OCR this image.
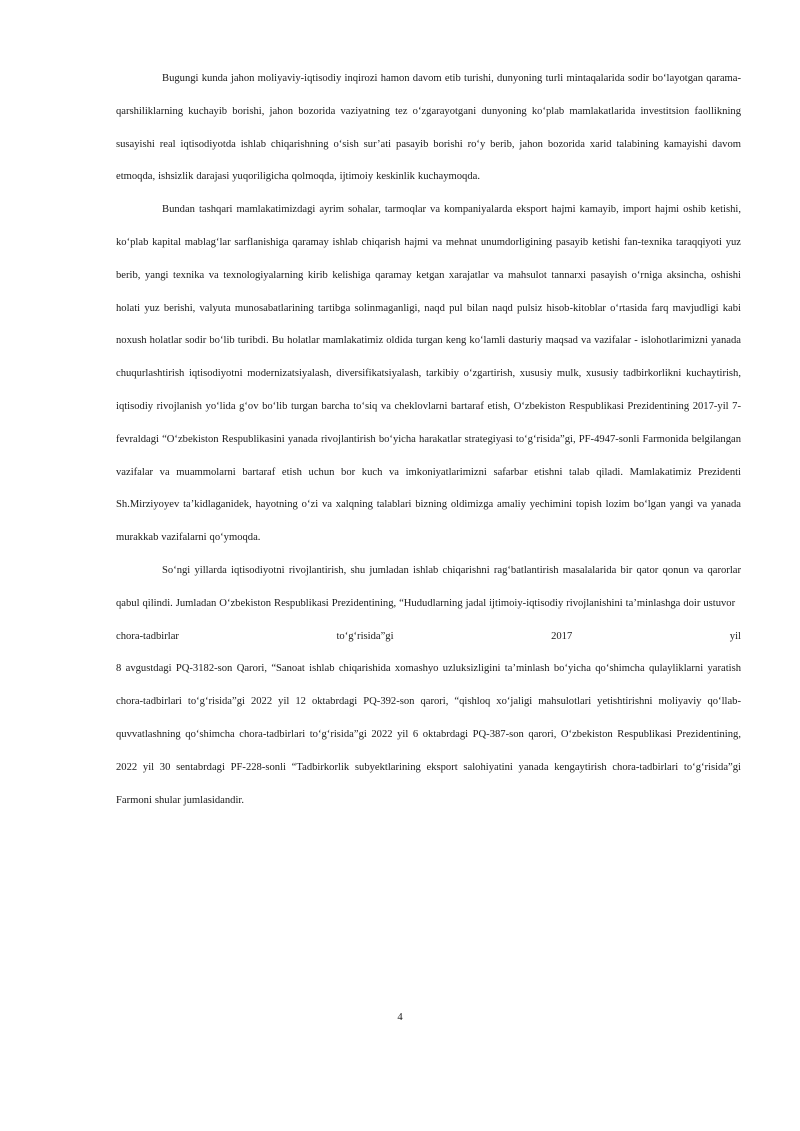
Bugungi kunda jahon moliyaviy-iqtisodiy inqirozi hamon davom etib turishi, dunyoning turli mintaqalarida sodir bo‘layotgan qarama-qarshiliklarning kuchayib borishi, jahon bozorida vaziyatning tez o‘zgarayotgani dunyoning ko‘plab mamlakatlarida investitsion faollikning susayishi real iqtisodiyotda ishlab chiqarishning o‘sish sur’ati pasayib borishi ro‘y berib, jahon bozorida xarid talabining kamayishi davom etmoqda, ishsizlik darajasi yuqoriligicha qolmoqda, ijtimoiy keskinlik kuchaymoqda.

Bundan tashqari mamlakatimizdagi ayrim sohalar, tarmoqlar va kompaniyalarda eksport hajmi kamayib, import hajmi oshib ketishi, ko‘plab kapital mablag‘lar sarflanishiga qaramay ishlab chiqarish hajmi va mehnat unumdorligining pasayib ketishi fan-texnika taraqqiyoti yuz berib, yangi texnika va texnologiyalarning kirib kelishiga qaramay ketgan xarajatlar va mahsulot tannarxi pasayish o‘rniga aksincha, oshishi holati yuz berishi, valyuta munosabatlarining tartibga solinmaganligi, naqd pul bilan naqd pulsiz hisob-kitoblar o‘rtasida farq mavjudligi kabi noxush holatlar sodir bo‘lib turibdi. Bu holatlar mamlakatimiz oldida turgan keng ko‘lamli dasturiy maqsad va vazifalar - islohotlarimizni yanada chuqurlashtirish iqtisodiyotni modernizatsiyalash, diversifikatsiyalash, tarkibiy o‘zgartirish, xususiy mulk, xususiy tadbirkorlikni kuchaytirish, iqtisodiy rivojlanish yo‘lida g‘ov bo‘lib turgan barcha to‘siq va cheklovlarni bartaraf etish, O‘zbekiston Respublikasi Prezidentining 2017-yil 7-fevraldagi “O‘zbekiston Respublikasini yanada rivojlantirish bo‘yicha harakatlar strategiyasi to‘g‘risida”gi, PF-4947-sonli Farmonida belgilangan vazifalar va muammolarni bartaraf etish uchun bor kuch va imkoniyatlarimizni safarbar etishni talab qiladi. Mamlakatimiz Prezidenti Sh.Mirziyoyev ta’kidlaganidek, hayotning o‘zi va xalqning talablari bizning oldimizga amaliy yechimini topish lozim bo‘lgan yangi va yanada murakkab vazifalarni qo‘ymoqda.

So‘ngi yillarda iqtisodiyotni rivojlantirish, shu jumladan ishlab chiqarishni rag‘batlantirish masalalarida bir qator qonun va qarorlar qabul qilindi. Jumladan O‘zbekiston Respublikasi Prezidentining, “Hududlarning jadal ijtimoiy-iqtisodiy rivojlanishini ta’minlashga doir ustuvor

chora-tadbirlar	to‘g‘risida”gi	2017	yil

8 avgustdagi PQ-3182-son Qarori, “Sanoat ishlab chiqarishida xomashyo uzluksizligini ta’minlash bo‘yicha qo‘shimcha qulayliklarni yaratish chora-tadbirlari to‘g‘risida”gi 2022 yil 12 oktabrdagi PQ-392-son qarori, “qishloq xo‘jaligi mahsulotlari yetishtirishni moliyaviy qo‘llab-quvvatlashning qo‘shimcha chora-tadbirlari to‘g‘risida”gi 2022 yil 6 oktabrdagi PQ-387-son qarori, O‘zbekiston Respublikasi Prezidentining, 2022 yil 30 sentabrdagi PF-228-sonli “Tadbirkorlik subyektlarining eksport salohiyatini yanada kengaytirish chora-tadbirlari to‘g‘risida”gi Farmoni shular jumlasidandir.

4
